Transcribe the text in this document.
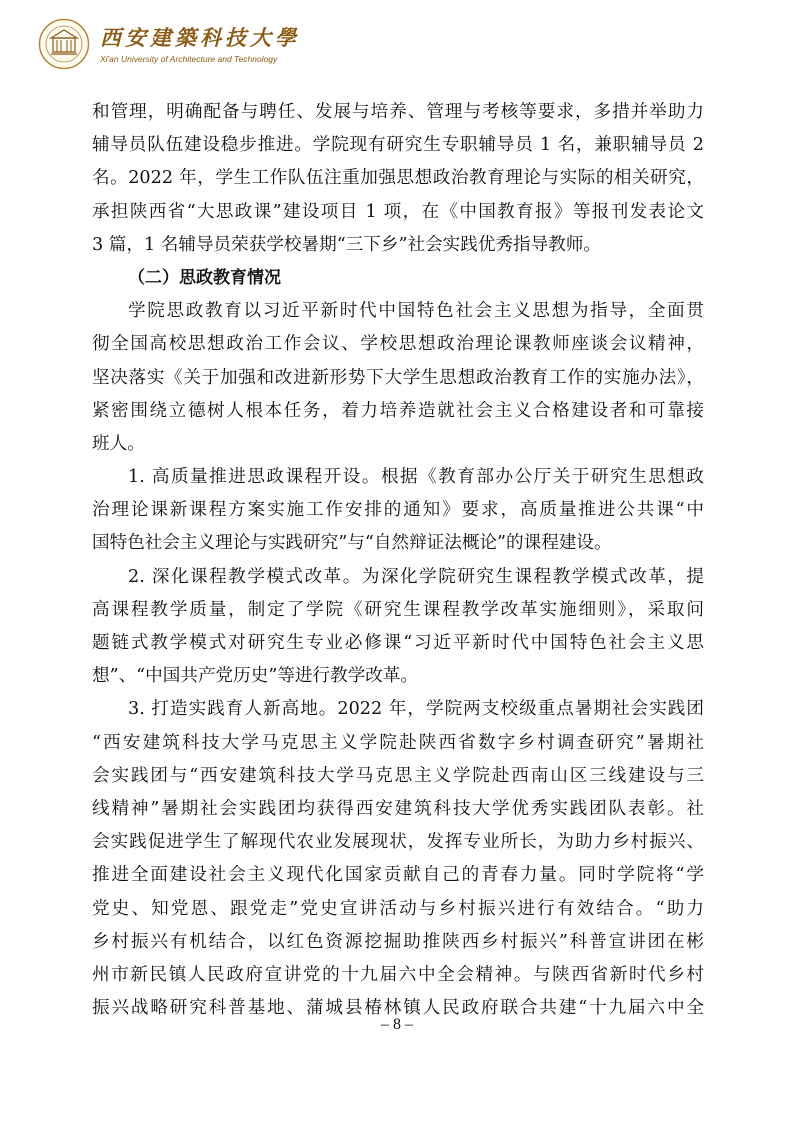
西安建築科技大學
Xi'an University of Architecture and Technology
和管理，明确配备与聘任、发展与培养、管理与考核等要求，多措并举助力
辅导员队伍建设稳步推进。学院现有研究生专职辅导员 1 名，兼职辅导员 2
名。2022 年，学生工作队伍注重加强思想政治教育理论与实际的相关研究，
承担陕西省“大思政课”建设项目 1 项，在《中国教育报》等报刊发表论文
3 篇，1 名辅导员荣获学校暑期“三下乡”社会实践优秀指导教师。
（二）思政教育情况
学院思政教育以习近平新时代中国特色社会主义思想为指导，全面贯
彻全国高校思想政治工作会议、学校思想政治理论课教师座谈会议精神，
坚决落实《关于加强和改进新形势下大学生思想政治教育工作的实施办法》，
紧密围绕立德树人根本任务，着力培养造就社会主义合格建设者和可靠接
班人。
1. 高质量推进思政课程开设。根据《教育部办公厅关于研究生思想政
治理论课新课程方案实施工作安排的通知》要求，高质量推进公共课“中
国特色社会主义理论与实践研究”与“自然辩证法概论”的课程建设。
2. 深化课程教学模式改革。为深化学院研究生课程教学模式改革，提
高课程教学质量，制定了学院《研究生课程教学改革实施细则》，采取问
题链式教学模式对研究生专业必修课“习近平新时代中国特色社会主义思
想”、“中国共产党历史”等进行教学改革。
3. 打造实践育人新高地。2022 年，学院两支校级重点暑期社会实践团
“西安建筑科技大学马克思主义学院赴陕西省数字乡村调查研究”暑期社
会实践团与“西安建筑科技大学马克思主义学院赴西南山区三线建设与三
线精神”暑期社会实践团均获得西安建筑科技大学优秀实践团队表彰。社
会实践促进学生了解现代农业发展现状，发挥专业所长，为助力乡村振兴、
推进全面建设社会主义现代化国家贡献自己的青春力量。同时学院将“学
党史、知党恩、跟党走”党史宣讲活动与乡村振兴进行有效结合。“助力
乡村振兴有机结合，以红色资源挖掘助推陕西乡村振兴”科普宣讲团在彬
州市新民镇人民政府宣讲党的十九届六中全会精神。与陕西省新时代乡村
振兴战略研究科普基地、蒲城县椿林镇人民政府联合共建“十九届六中全
– 8 –
